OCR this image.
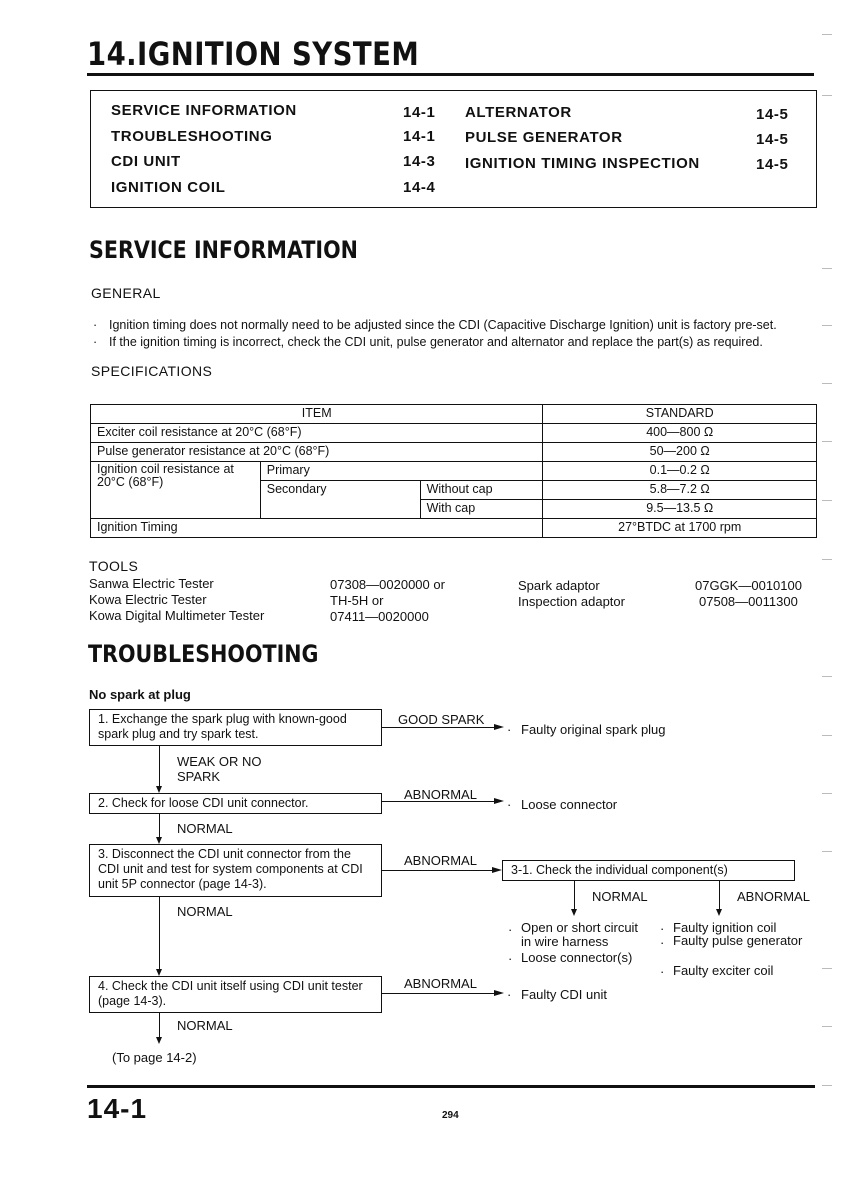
14.IGNITION SYSTEM
SERVICE INFORMATION	14-1
TROUBLESHOOTING	14-1
CDI UNIT	14-3
IGNITION COIL	14-4
ALTERNATOR	14-5
PULSE GENERATOR	14-5
IGNITION TIMING INSPECTION	14-5
SERVICE INFORMATION
GENERAL
· Ignition timing does not normally need to be adjusted since the CDI (Capacitive Discharge Ignition) unit is factory pre-set.
· If the ignition timing is incorrect, check the CDI unit, pulse generator and alternator and replace the part(s) as required.
SPECIFICATIONS
ITEM			STANDARD
Exciter coil resistance at 20°C (68°F)			400—800 Ω
Pulse generator resistance at 20°C (68°F)			50—200 Ω
Ignition coil resistance at 20°C (68°F)	Primary		0.1—0.2 Ω
	Secondary	Without cap	5.8—7.2 Ω
		With cap	9.5—13.5 Ω
Ignition Timing			27°BTDC at 1700 rpm
TOOLS
Sanwa Electric Tester	07308—0020000 or
Kowa Electric Tester	TH-5H or
Kowa Digital Multimeter Tester	07411—0020000
Spark adaptor	07GGK—0010100
Inspection adaptor	07508—0011300
TROUBLESHOOTING
No spark at plug
1. Exchange the spark plug with known-good spark plug and try spark test.
GOOD SPARK
· Faulty original spark plug
WEAK OR NO SPARK
2. Check for loose CDI unit connector.
ABNORMAL
· Loose connector
NORMAL
3. Disconnect the CDI unit connector from the CDI unit and test for system components at CDI unit 5P connector (page 14-3).
ABNORMAL
3-1. Check the individual component(s)
NORMAL	ABNORMAL
· Open or short circuit in wire harness
· Loose connector(s)
· Faulty ignition coil
· Faulty pulse generator
· Faulty exciter coil
NORMAL
4. Check the CDI unit itself using CDI unit tester (page 14-3).
ABNORMAL
· Faulty CDI unit
NORMAL
(To page 14-2)
14-1	294
